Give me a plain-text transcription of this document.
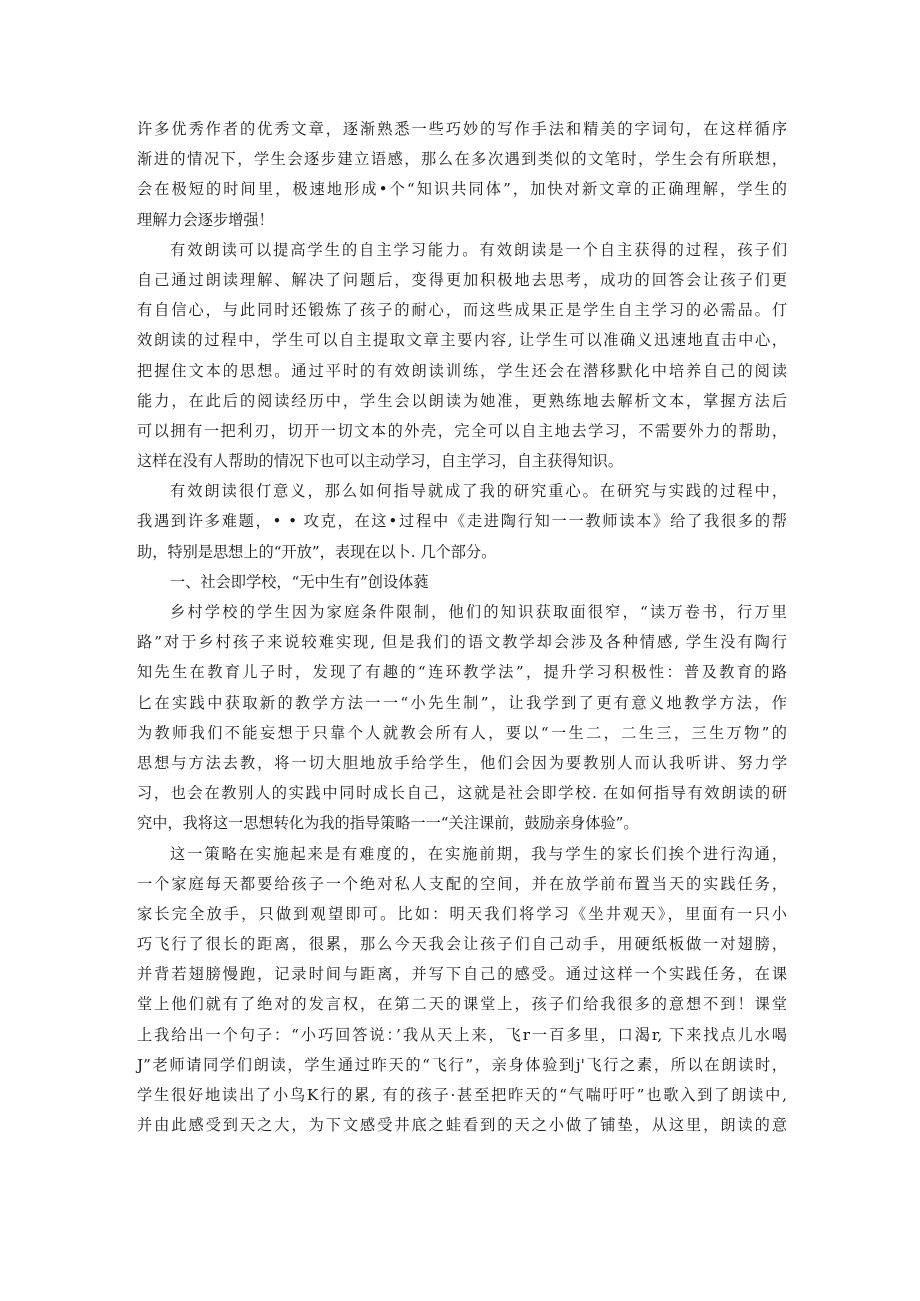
许多优秀作者的优秀文章，逐渐熟悉一些巧妙的写作手法和精美的字词句，在这样循序
渐进的情况下，学生会逐步建立语感，那么在多次遇到类似的文笔时，学生会有所联想，
会在极短的时间里，极速地形成•个“知识共同体”，加快对新文章的正确理解，学生的
理解力会逐步增强！
有效朗读可以提高学生的自主学习能力。有效朗读是一个自主获得的过程，孩子们
自己通过朗读理解、解决了问题后，变得更加积极地去思考，成功的回答会让孩子们更
有自信心，与此同时还锻炼了孩子的耐心，而这些成果正是学生自主学习的必需品。仃
效朗读的过程中，学生可以自主提取文章主要内容, 让学生可以准确义迅速地直击中心，
把握住文本的思想。通过平时的有效朗读训练，学生还会在潜移默化中培养自己的阅读
能力，在此后的阅读经历中，学生会以朗读为她准，更熟练地去解析文本，掌握方法后
可以拥有一把利刃，切开一切文本的外壳，完全可以自主地去学习，不需要外力的帮助，
这样在没有人帮助的情况下也可以主动学习，自主学习，自主获得知识。
有效朗读很仃意义，那么如何指导就成了我的研究重心。在研究与实践的过程中，
我遇到许多难题，• • 攻克，在这•过程中《走进陶行知一一教师读本》给了我很多的帮
助，特别是思想上的“开放”，表现在以卜. 几个部分。
一、社会即学校，“无中生有”创设体蕤
乡村学校的学生因为家庭条件限制，他们的知识获取面很窄，“读万卷书，行万里
路”对于乡村孩子来说较难实现, 但是我们的语文教学却会涉及各种情感, 学生没有陶行
知先生在教育儿子时，发现了有趣的“连环教学法”，提升学习积极性：普及教育的路
匕在实践中获取新的教学方法一一“小先生制”，让我学到了更有意义地教学方法，作
为教师我们不能妄想于只靠个人就教会所有人，要以“一生二，二生三，三生万物”的
思想与方法去教，将一切大胆地放手给学生，他们会因为要教别人而认我听讲、努力学
习，也会在教别人的实践中同时成长自己，这就是社会即学校. 在如何指导有效朗读的研
究中，我将这一思想转化为我的指导策略一一“关注课前，鼓励亲身体验”。
这一策略在实施起来是有难度的，在实施前期，我与学生的家长们挨个进行沟通，
一个家庭每天都要给孩子一个绝对私人支配的空间，并在放学前布置当天的实践任务，
家长完全放手，只做到观望即可。比如：明天我们将学习《坐井观天》，里面有一只小
巧飞行了很长的距离，很累，那么今天我会让孩子们自己动手，用硬纸板做一对翅膀，
并背若翅膀慢跑，记录时间与距离，并写下自己的感受。通过这样一个实践任务，在课
堂上他们就有了绝对的发言权，在第二天的课堂上，孩子们给我很多的意想不到！课堂
上我给出一个句子：“小巧回答说：’我从天上来，飞r一百多里，口渴r, 下来找点儿水喝
J”老师请同学们朗读，学生通过昨天的“飞行”，亲身体验到j'飞行之素，所以在朗读时，
学生很好地读出了小鸟K行的累, 有的孩子·甚至把昨天的“气喘吁吁”也歌入到了朗读中,
并由此感受到天之大，为下文感受井底之蛙看到的天之小做了铺垫，从这里，朗读的意
